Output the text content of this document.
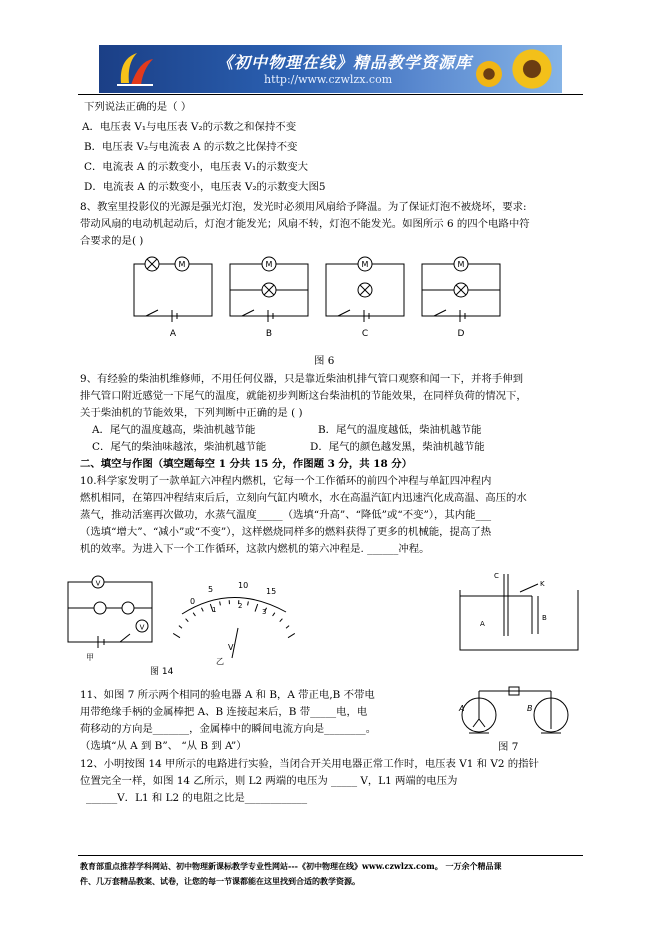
《初中物理在线》精品教学资源库
http://www.czwlzx.com
下列说法正确的是（ ）
A．电压表 V₁与电压表 V₂的示数之和保持不变
B．电压表 V₂与电流表 A 的示数之比保持不变
C．电流表 A 的示数变小，电压表 V₁的示数变大
D．电流表 A 的示数变小，电压表 V₂的示数变大图5
8、教室里投影仪的光源是强光灯泡，发光时必须用风扇给予降温。为了保证灯泡不被烧坏，要求:
带动风扇的电动机起动后，灯泡才能发光；风扇不转，灯泡不能发光。如图所示 6 的四个电路中符
合要求的是( )
M
A
M
B
M
C
M
D
图 6
9、有经验的柴油机维修师，不用任何仪器，只是靠近柴油机排气管口观察和闻一下，并将手伸到
排气管口附近感觉一下尾气的温度，就能初步判断这台柴油机的节能效果，在同样负荷的情况下，
关于柴油机的节能效果，下列判断中正确的是 ( )
A．尾气的温度越高，柴油机越节能	B．尾气的温度越低，柴油机越节能
C．尾气的柴油味越浓，柴油机越节能	D．尾气的颜色越发黑，柴油机越节能
二、填空与作图（填空题每空 1 分共 15 分，作图题 3 分，共 18 分）
10.科学家发明了一款单缸六冲程内燃机，它每一个工作循环的前四个冲程与单缸四冲程内
燃机相同，在第四冲程结束后后，立刻向气缸内喷水，水在高温汽缸内迅速汽化成高温、高压的水
蒸气，推动活塞再次做功，水蒸气温度_____（选填“升高”、“降低”或“不变”），其内能___
（选填“增大”、“减小”或“不变”），这样燃烧同样多的燃料获得了更多的机械能，提高了热
机的效率。为进入下一个工作循环，这款内燃机的第六冲程是. ______冲程。
V
V
甲
图 14
0
5	10
15
1	2
3
V
乙
C
K
A
B
11、如图 7 所示两个相同的验电器 A 和 B，A 带正电,B 不带电
用带绝缘手柄的金属棒把 A、B 连接起来后，B 带_____电，电
荷移动的方向是_______，金属棒中的瞬间电流方向是________。
（选填“从 A 到 B”、 “从 B 到 A”）
A	B
图 7
12、小明按图 14 甲所示的电路进行实验，当闭合开关用电器正常工作时，电压表 V1 和 V2 的指针
位置完全一样，如图 14 乙所示，则 L2 两端的电压为 _____ V，L1 两端的电压为
______V．L1 和 L2 的电阻之比是____________
教育部重点推荐学科网站、初中物理新课标教学专业性网站---《初中物理在线》www.czwlzx.com。 一万余个精品课
件、几万套精品教案、试卷，让您的每一节课都能在这里找到合适的教学资源。
